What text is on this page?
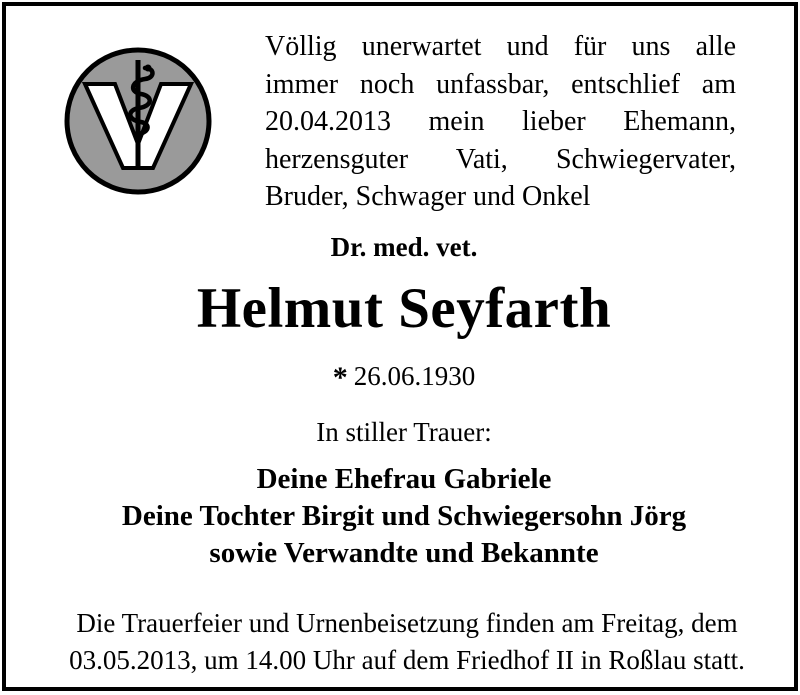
Völlig unerwartet und für uns alle
immer noch unfassbar, entschlief am
20.04.2013 mein lieber Ehemann,
herzensguter Vati, Schwiegervater,
Bruder, Schwager und Onkel
Dr. med. vet.
Helmut Seyfarth
* 26.06.1930
In stiller Trauer:
Deine Ehefrau Gabriele
Deine Tochter Birgit und Schwiegersohn Jörg
sowie Verwandte und Bekannte
Die Trauerfeier und Urnenbeisetzung finden am Freitag, dem
03.05.2013, um 14.00 Uhr auf dem Friedhof II in Roßlau statt.
